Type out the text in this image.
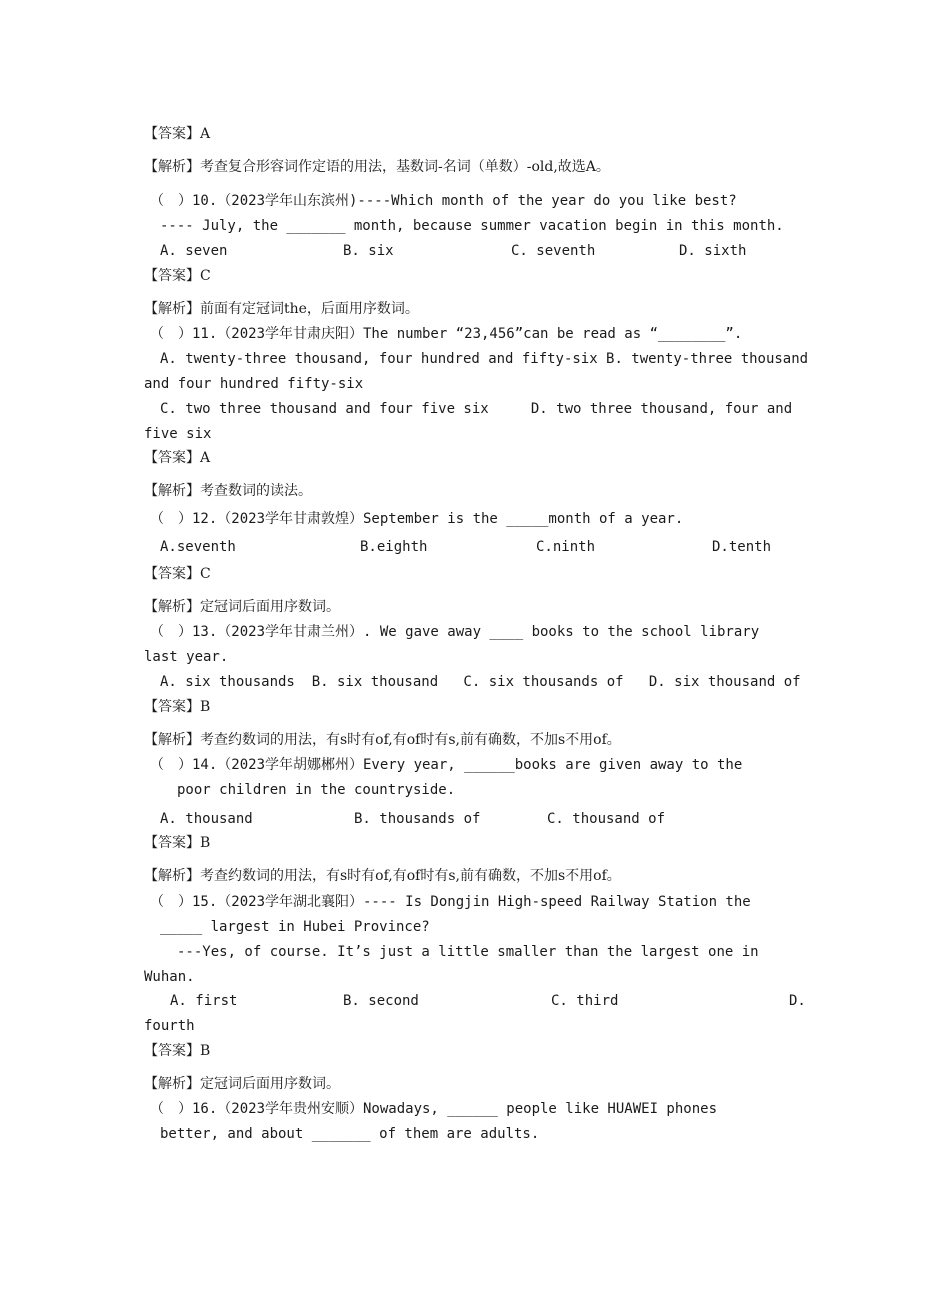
【答案】A
【解析】考查复合形容词作定语的用法，基数词-名词（单数）-old,故选A。
（　）10.（2023学年山东滨州)----Which month of the year do you like best?
---- July, the _______ month, because summer vacation begin in this month.
A. seven	B. six	C. seventh	D. sixth
【答案】C
【解析】前面有定冠词the，后面用序数词。
（　）11.（2023学年甘肃庆阳）The number “23,456”can be read as “________”.
A. twenty-three thousand, four hundred and fifty-six B. twenty-three thousand
and four hundred fifty-six
C. two three thousand and four five six     D. two three thousand, four and
five six
【答案】A
【解析】考查数词的读法。
（　）12.（2023学年甘肃敦煌）September is the _____month of a year.
A.seventh	B.eighth	C.ninth	D.tenth
【答案】C
【解析】定冠词后面用序数词。
（　）13.（2023学年甘肃兰州）. We gave away ____ books to the school library
last year.
A. six thousands  B. six thousand   C. six thousands of   D. six thousand of
【答案】B
【解析】考查约数词的用法，有s时有of,有of时有s,前有确数，不加s不用of。
（　）14.（2023学年胡娜郴州）Every year, ______books are given away to the
poor children in the countryside.
A. thousand	B. thousands of	C. thousand of
【答案】B
【解析】考查约数词的用法，有s时有of,有of时有s,前有确数，不加s不用of。
（　）15.（2023学年湖北襄阳）---- Is Dongjin High-speed Railway Station the
_____ largest in Hubei Province?
---Yes, of course. It’s just a little smaller than the largest one in
Wuhan.
A. first	B. second	C. third	D.
fourth
【答案】B
【解析】定冠词后面用序数词。
（　）16.（2023学年贵州安顺）Nowadays, ______ people like HUAWEI phones
better, and about _______ of them are adults.
